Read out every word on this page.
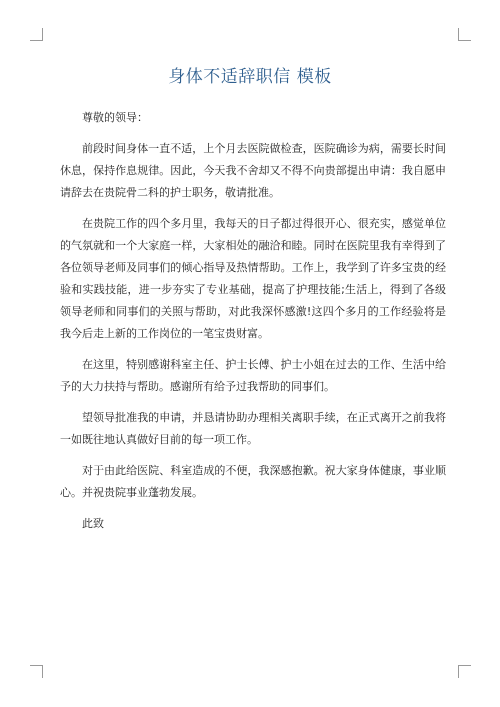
身体不适辞职信 模板

尊敬的领导：

前段时间身体一直不适，上个月去医院做检查，医院确诊为病，需要长时间休息，保持作息规律。因此，今天我不舍却又不得不向贵部提出申请：我自愿申请辞去在贵院骨二科的护士职务，敬请批准。

在贵院工作的四个多月里，我每天的日子都过得很开心、很充实，感觉单位的气氛就和一个大家庭一样，大家相处的融洽和睦。同时在医院里我有幸得到了各位领导老师及同事们的倾心指导及热情帮助。工作上，我学到了许多宝贵的经验和实践技能，进一步夯实了专业基础，提高了护理技能;生活上，得到了各级领导老师和同事们的关照与帮助，对此我深怀感激!这四个多月的工作经验将是我今后走上新的工作岗位的一笔宝贵财富。

在这里，特别感谢科室主任、护士长傅、护士小姐在过去的工作、生活中给予的大力扶持与帮助。感谢所有给予过我帮助的同事们。

望领导批准我的申请，并恳请协助办理相关离职手续，在正式离开之前我将一如既往地认真做好目前的每一项工作。

对于由此给医院、科室造成的不便，我深感抱歉。祝大家身体健康，事业顺心。并祝贵院事业蓬勃发展。

此致
